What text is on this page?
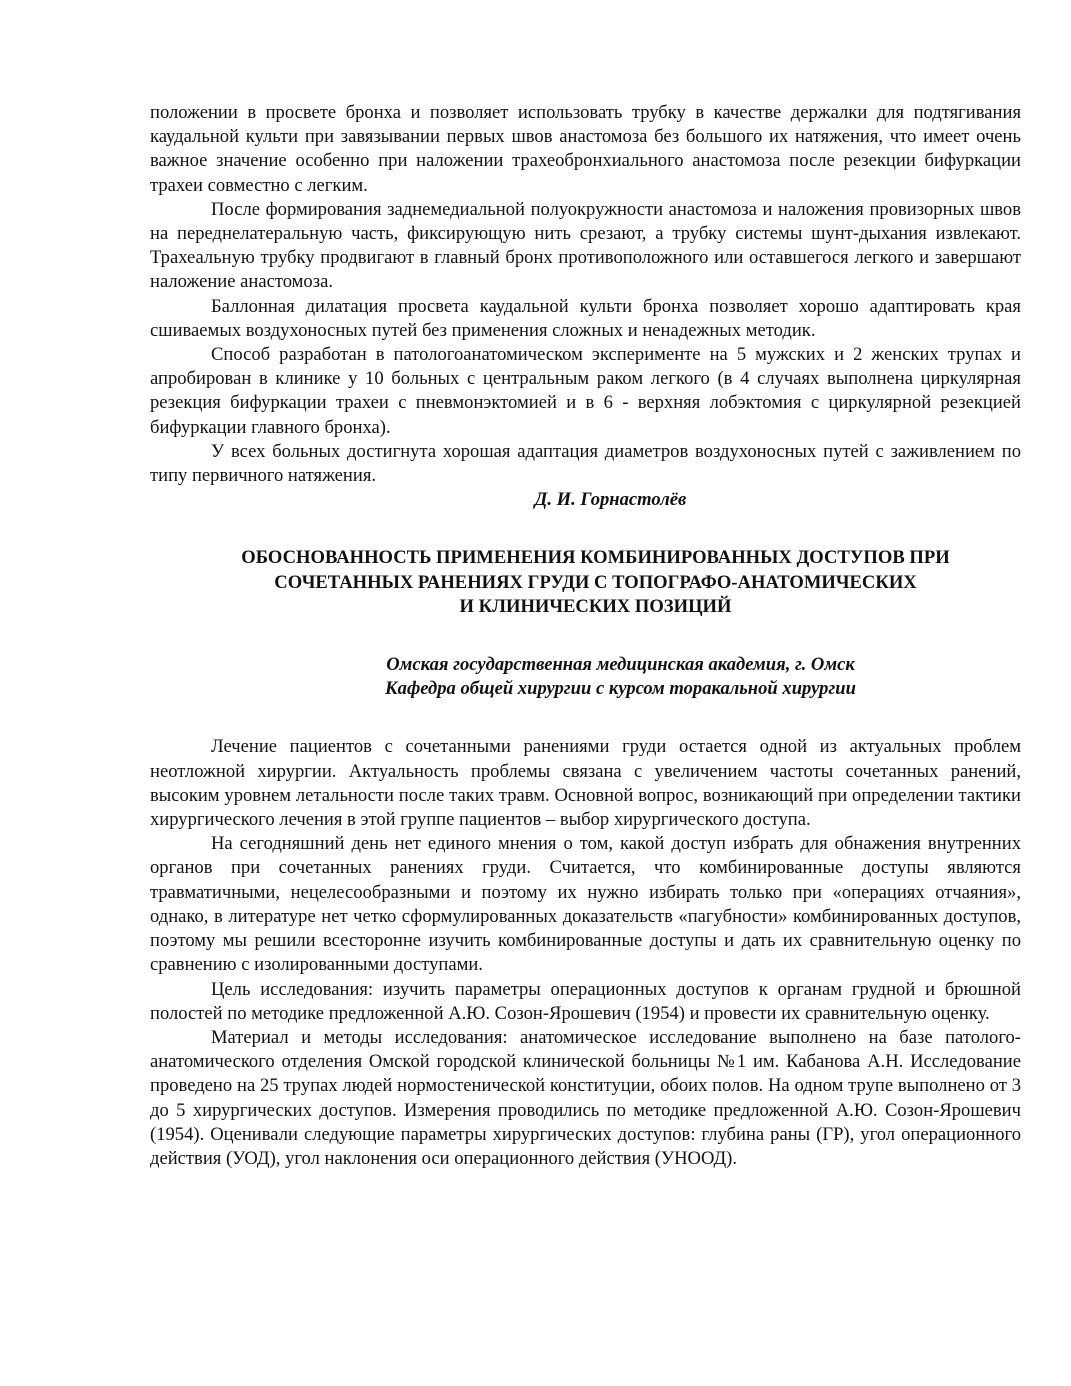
положении в просвете бронха и позволяет использовать трубку в качестве держалки для подтягивания каудальной культи при завязывании первых швов анастомоза без большого их натяжения, что имеет очень важное значение особенно при наложении трахеобронхиального анастомоза после резекции бифуркации трахеи совместно с легким.

После формирования заднемедиальной полуокружности анастомоза и наложения провизорных швов на переднелатеральную часть, фиксирующую нить срезают, а трубку системы шунт-дыхания извлекают. Трахеальную трубку продвигают в главный бронх противоположного или оставшегося легкого и завершают наложение анастомоза.

Баллонная дилатация просвета каудальной культи бронха позволяет хорошо адаптировать края сшиваемых воздухоносных путей без применения сложных и ненадежных методик.

Способ разработан в патологоанатомическом эксперименте на 5 мужских и 2 женских трупах и апробирован в клинике у 10 больных с центральным раком легкого (в 4 случаях выполнена циркулярная резекция бифуркации трахеи с пневмонэктомией и в 6 - верхняя лобэктомия с циркулярной резекцией бифуркации главного бронха).

У всех больных достигнута хорошая адаптация диаметров воздухоносных путей с заживлением по типу первичного натяжения.

Д. И. Горнастолёв

ОБОСНОВАННОСТЬ ПРИМЕНЕНИЯ КОМБИНИРОВАННЫХ ДОСТУПОВ ПРИ
СОЧЕТАННЫХ РАНЕНИЯХ ГРУДИ С ТОПОГРАФО-АНАТОМИЧЕСКИХ
И КЛИНИЧЕСКИХ ПОЗИЦИЙ
Омская государственная медицинская академия, г. Омск
Кафедра общей хирургии с курсом торакальной хирургии

Лечение пациентов с сочетанными ранениями груди остается одной из актуальных проблем неотложной хирургии. Актуальность проблемы связана с увеличением частоты сочетанных ранений, высоким уровнем летальности после таких травм. Основной вопрос, возникающий при определении тактики хирургического лечения в этой группе пациентов – выбор хирургического доступа.

На сегодняшний день нет единого мнения о том, какой доступ избрать для обнажения внутренних органов при сочетанных ранениях груди. Считается, что комбинированные доступы являются травматичными, нецелесообразными и поэтому их нужно избирать только при «операциях отчаяния», однако, в литературе нет четко сформулированных доказательств «пагубности» комбинированных доступов, поэтому мы решили всесторонне изучить комбинированные доступы и дать их сравнительную оценку по сравнению с изолированными доступами.

Цель исследования: изучить параметры операционных доступов к органам грудной и брюшной полостей по методике предложенной А.Ю. Созон-Ярошевич (1954) и провести их сравнительную оценку.

Материал и методы исследования: анатомическое исследование выполнено на базе патолого-анатомического отделения Омской городской клинической больницы №1 им. Кабанова А.Н. Исследование проведено на 25 трупах людей нормостенической конституции, обоих полов. На одном трупе выполнено от 3 до 5 хирургических доступов. Измерения проводились по методике предложенной А.Ю. Созон-Ярошевич (1954). Оценивали следующие параметры хирургических доступов: глубина раны (ГР), угол операционного действия (УОД), угол наклонения оси операционного действия (УНООД).
